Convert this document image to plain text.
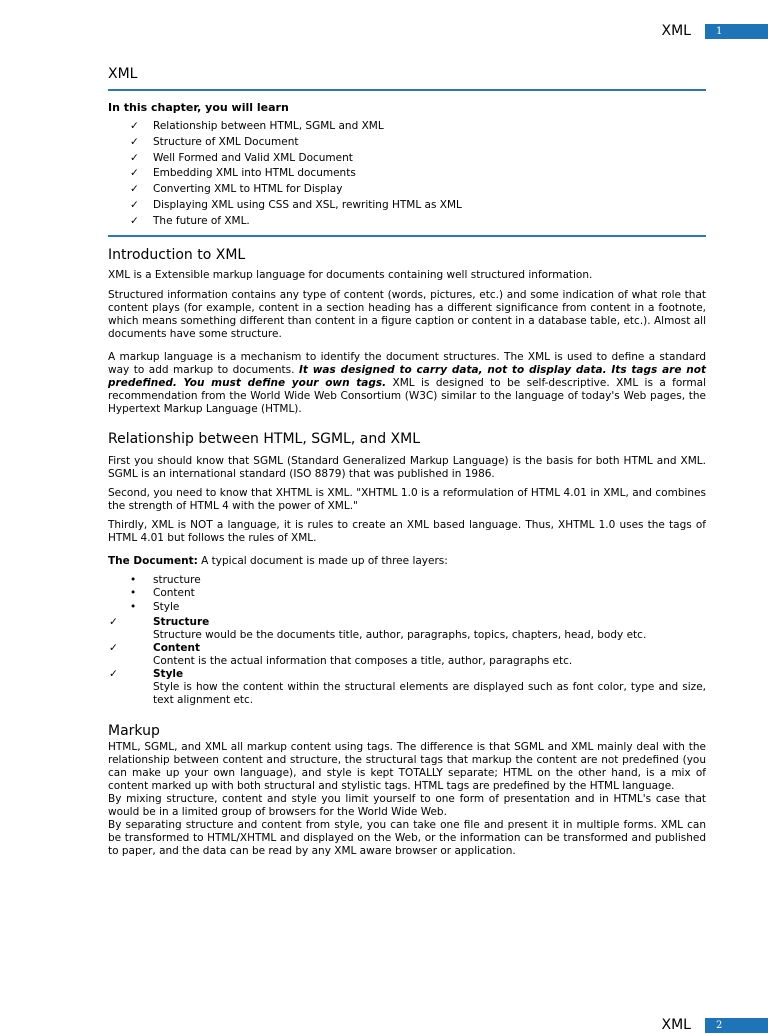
XML	1
XML
In this chapter, you will learn
✓	Relationship between HTML, SGML and XML
✓	Structure of XML Document
✓	Well Formed and Valid XML Document
✓	Embedding XML into HTML documents
✓	Converting XML to HTML for Display
✓	Displaying XML using CSS and XSL, rewriting HTML as XML
✓	The future of XML.
Introduction to XML

XML is a Extensible markup language for documents containing well structured information.

Structured information contains any type of content (words, pictures, etc.) and some indication of what role that content plays (for example, content in a section heading has a different significance from content in a footnote, which means something different than content in a figure caption or content in a database table, etc.). Almost all documents have some structure.

A markup language is a mechanism to identify the document structures. The XML is used to define a standard way to add markup to documents. It was designed to carry data, not to display data. Its tags are not predefined. You must define your own tags. XML is designed to be self-descriptive. XML is a formal recommendation from the World Wide Web Consortium (W3C) similar to the language of today's Web pages, the Hypertext Markup Language (HTML).

Relationship between HTML, SGML, and XML

First you should know that SGML (Standard Generalized Markup Language) is the basis for both HTML and XML. SGML is an international standard (ISO 8879) that was published in 1986.

Second, you need to know that XHTML is XML. "XHTML 1.0 is a reformulation of HTML 4.01 in XML, and combines the strength of HTML 4 with the power of XML."

Thirdly, XML is NOT a language, it is rules to create an XML based language. Thus, XHTML 1.0 uses the tags of HTML 4.01 but follows the rules of XML.

The Document: A typical document is made up of three layers:

•	structure
•	Content
•	Style
✓	Structure

Structure would be the documents title, author, paragraphs, topics, chapters, head, body etc.

✓	Content

Content is the actual information that composes a title, author, paragraphs etc.

✓	Style

Style is how the content within the structural elements are displayed such as font color, type and size, text alignment etc.

Markup

HTML, SGML, and XML all markup content using tags. The difference is that SGML and XML mainly deal with the relationship between content and structure, the structural tags that markup the content are not predefined (you can make up your own language), and style is kept TOTALLY separate; HTML on the other hand, is a mix of content marked up with both structural and stylistic tags. HTML tags are predefined by the HTML language.

By mixing structure, content and style you limit yourself to one form of presentation and in HTML's case that would be in a limited group of browsers for the World Wide Web.

By separating structure and content from style, you can take one file and present it in multiple forms. XML can be transformed to HTML/XHTML and displayed on the Web, or the information can be transformed and published to paper, and the data can be read by any XML aware browser or application.

XML	2
